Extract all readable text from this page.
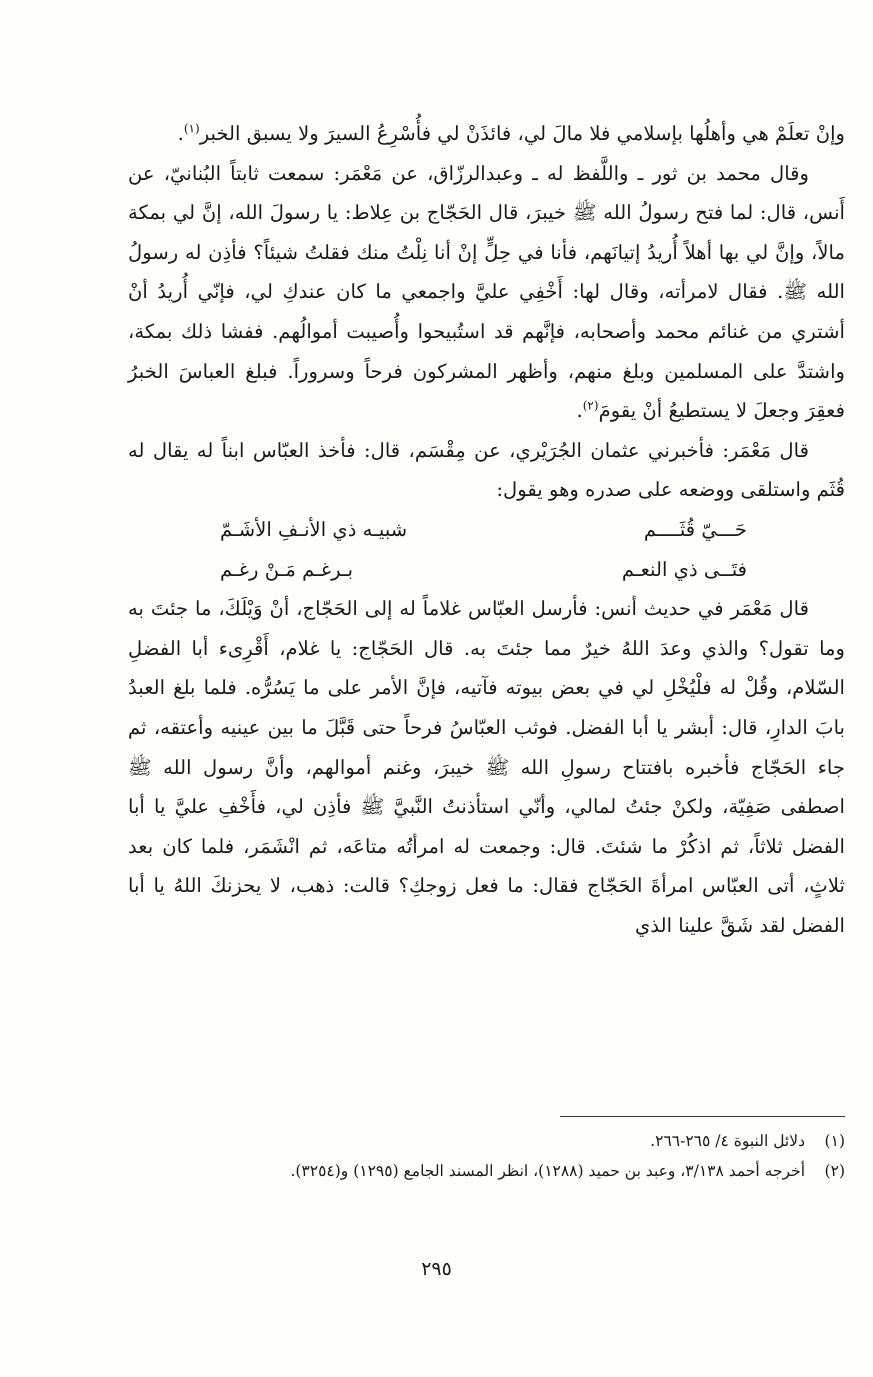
وإنْ تعلَمْ هي وأهلُها بإسلامي فلا مالَ لي، فائذَنْ لي فأُسْرِعُ السيرَ ولا يسبق الخبر$^{(١)}$.

وقال محمد بن ثور ـ واللَّفظ له ـ وعبدالرزّاق، عن مَعْمَر: سمعت ثابتاً البُنانيّ، عن أَنس، قال: لما فتح رسولُ الله ﷺ خيبرَ، قال الحَجّاج بن عِلاط: يا رسولَ الله، إنَّ لي بمكة مالاً، وإنَّ لي بها أهلاً أُريدُ إتيانَهم، فأنا في حِلٍّ إنْ أنا نِلْتُ منك فقلتُ شيئاً؟ فأذِن له رسولُ الله ﷺ. فقال لامرأته، وقال لها: أَخْفِي عليَّ واجمعي ما كان عندكِ لي، فإنّي أُريدُ أنْ أشتري من غنائم محمد وأصحابه، فإنَّهم قد استُبيحوا وأُصيبت أموالُهم. ففشا ذلك بمكة، واشتدَّ على المسلمين وبلغ منهم، وأظهر المشركون فرحاً وسروراً. فبلغ العباسَ الخبرُ فعقِرَ وجعلَ لا يستطيعُ أنْ يقومَ$^{(٢)}$.

قال مَعْمَر: فأخبرني عثمان الجُرَيْري، عن مِقْسَم، قال: فأخذ العبّاس ابناً له يقال له قُثَم واستلقى ووضعه على صدره وهو يقول:

حَـــيّ قُثَــــم
شبيـه ذي الأنـفِ الأشَـمّ
فتَــى ذي النعـم
بـرغـم مَـنْ رغـم

قال مَعْمَر في حديث أنس: فأرسل العبّاس غلاماً له إلى الحَجّاج، أنْ وَيْلَكَ، ما جئتَ به وما تقول؟ والذي وعدَ اللهُ خيرٌ مما جئتَ به. قال الحَجّاج: يا غلام، أَقْرِىء أبا الفضلِ السّلام، وقُلْ له فلْيُخْلِ لي في بعض بيوته فآتيه، فإنَّ الأمر على ما يَسُرُّه. فلما بلغ العبدُ بابَ الدارِ، قال: أبشر يا أبا الفضل. فوثب العبّاسُ فرحاً حتى قَبَّلَ ما بين عينيه وأعتقه، ثم جاء الحَجّاج فأخبره بافتتاح رسولِ الله ﷺ خيبرَ، وغنم أموالهم، وأنَّ رسول الله ﷺ اصطفى صَفِيّة، ولكنْ جئتُ لمالي، وأنّي استأذنتُ النَّبيَّ ﷺ فأذِن لي، فأَخْفِ عليَّ يا أبا الفضل ثلاثاً، ثم اذكُرْ ما شئتَ. قال: وجمعت له امرأتُه متاعَه، ثم انْشَمَر، فلما كان بعد ثلاثٍ، أتى العبّاس امرأةَ الحَجّاج فقال: ما فعل زوجكِ؟ قالت: ذهب، لا يحزنكَ اللهُ يا أبا الفضل لقد شَقَّ علينا الذي

(١)
دلائل النبوة ٤/ ٢٦٥-٢٦٦.
(٢)
أخرجه أحمد ٣/١٣٨، وعبد بن حميد (١٢٨٨)، انظر المسند الجامع (١٢٩٥) و(٣٢٥٤).
٢٩٥
